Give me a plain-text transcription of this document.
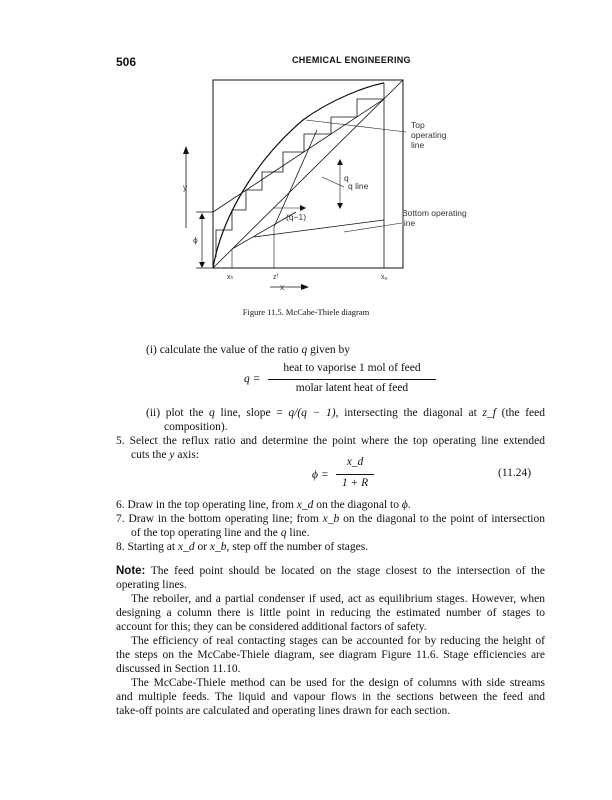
506	CHEMICAL ENGINEERING
Top
operating
line
q line
q
Bottom operating
line
(q−1)
y
ϕ
xₕ	zᶠ	xₐ
x
Figure 11.5. McCabe-Thiele diagram
(i) calculate the value of the ratio q given by
q =
heat to vaporise 1 mol of feed
molar latent heat of feed
(ii) plot the q line, slope = q/(q − 1), intersecting the diagonal at z_f (the feed
composition).
5. Select the reflux ratio and determine the point where the top operating line extended
cuts the y axis:
ϕ =
x_d
1 + R
(11.24)
6. Draw in the top operating line, from x_d on the diagonal to ϕ.
7. Draw in the bottom operating line; from x_b on the diagonal to the point of intersection
of the top operating line and the q line.
8. Starting at x_d or x_b, step off the number of stages.
Note: The feed point should be located on the stage closest to the intersection of the
operating lines.
The reboiler, and a partial condenser if used, act as equilibrium stages. However, when
designing a column there is little point in reducing the estimated number of stages to
account for this; they can be considered additional factors of safety.
The efficiency of real contacting stages can be accounted for by reducing the height of
the steps on the McCabe-Thiele diagram, see diagram Figure 11.6. Stage efficiencies are
discussed in Section 11.10.
The McCabe-Thiele method can be used for the design of columns with side streams
and multiple feeds. The liquid and vapour flows in the sections between the feed and
take-off points are calculated and operating lines drawn for each section.
